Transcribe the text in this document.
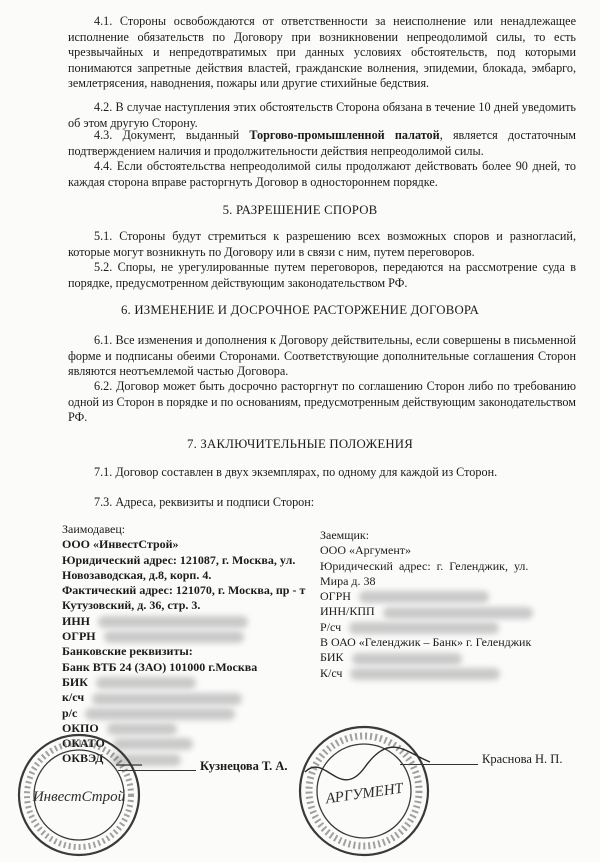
4.1. Стороны освобождаются от ответственности за неисполнение или ненадлежащее исполнение обязательств по Договору при возникновении непреодолимой силы, то есть чрезвычайных и непредотвратимых при данных условиях обстоятельств, под которыми понимаются запретные действия властей, гражданские волнения, эпидемии, блокада, эмбарго, землетрясения, наводнения, пожары или другие стихийные бедствия.

4.2. В случае наступления этих обстоятельств Сторона обязана в течение 10 дней уведомить об этом другую Сторону.

4.3. Документ, выданный Торгово-промышленной палатой, является достаточным подтверждением наличия и продолжительности действия непреодолимой силы.

4.4. Если обстоятельства непреодолимой силы продолжают действовать более 90 дней, то каждая сторона вправе расторгнуть Договор в одностороннем порядке.

5. РАЗРЕШЕНИЕ СПОРОВ

5.1. Стороны будут стремиться к разрешению всех возможных споров и разногласий, которые могут возникнуть по Договору или в связи с ним, путем переговоров.

5.2. Споры, не урегулированные путем переговоров, передаются на рассмотрение суда в порядке, предусмотренном действующим законодательством РФ.

6. ИЗМЕНЕНИЕ И ДОСРОЧНОЕ РАСТОРЖЕНИЕ ДОГОВОРА

6.1. Все изменения и дополнения к Договору действительны, если совершены в письменной форме и подписаны обеими Сторонами. Соответствующие дополнительные соглашения Сторон являются неотъемлемой частью Договора.

6.2. Договор может быть досрочно расторгнут по соглашению Сторон либо по требованию одной из Сторон в порядке и по основаниям, предусмотренным действующим законодательством РФ.

7. ЗАКЛЮЧИТЕЛЬНЫЕ ПОЛОЖЕНИЯ

7.1. Договор составлен в двух экземплярах, по одному для каждой из Сторон.

7.3. Адреса, реквизиты и подписи Сторон:

Заимодавец:
ООО «ИнвестСтрой»
Юридический адрес: 121087, г. Москва, ул.
Новозаводская, д.8, корп. 4.
Фактический адрес: 121070, г. Москва, пр - т
Кутузовский, д. 36, стр. 3.
ИНН
ОГРН
Банковские реквизиты:
Банк ВТБ 24 (ЗАО) 101000 г.Москва
БИК
к/сч
р/с
ОКПО
ОКАТО
ОКВЭД
Заемщик:
ООО «Аргумент»
Юридический адрес: г. Геленджик, ул.
Мира д. 38
ОГРН
ИНН/КПП
Р/сч
В ОАО «Геленджик – Банк» г. Геленджик
БИК
К/сч
Кузнецова Т. А.	Краснова Н. П.
ИнвестСтрой	АРГУМЕНТ
